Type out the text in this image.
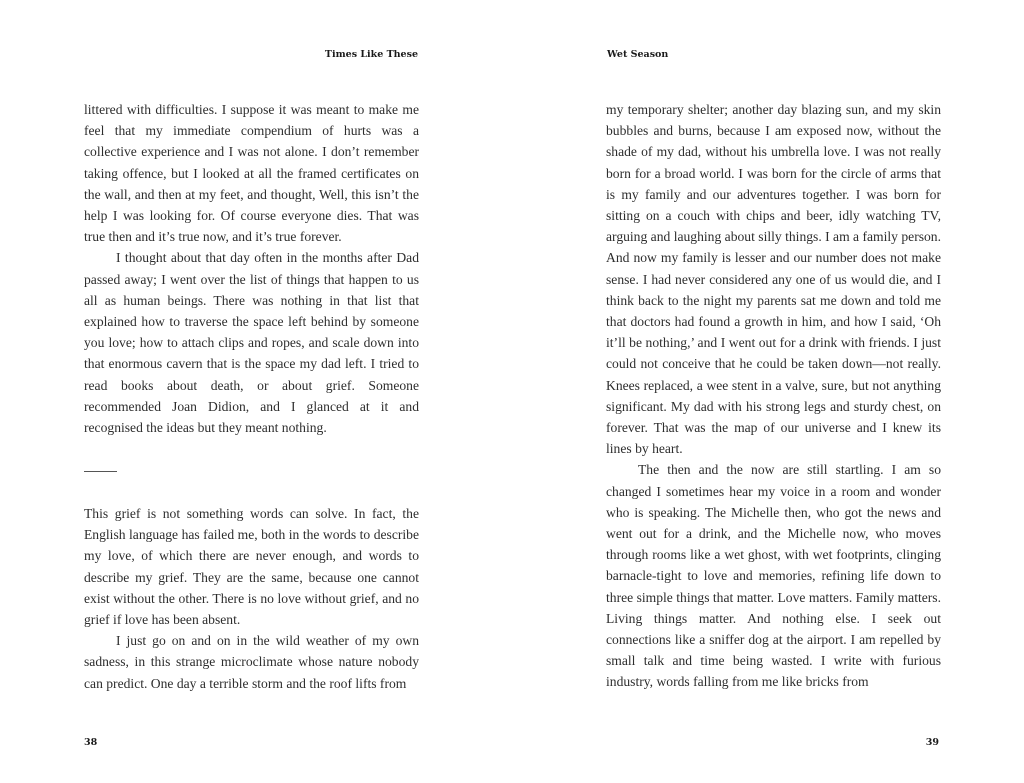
Times Like These

littered with difficulties. I suppose it was meant to make me feel that my immediate compendium of hurts was a collective experience and I was not alone. I don’t remember taking offence, but I looked at all the framed certificates on the wall, and then at my feet, and thought, Well, this isn’t the help I was looking for. Of course everyone dies. That was true then and it’s true now, and it’s true forever.

I thought about that day often in the months after Dad passed away; I went over the list of things that happen to us all as human beings. There was nothing in that list that explained how to traverse the space left behind by someone you love; how to attach clips and ropes, and scale down into that enormous cavern that is the space my dad left. I tried to read books about death, or about grief. Someone recommended Joan Didion, and I glanced at it and recognised the ideas but they meant nothing.

This grief is not something words can solve. In fact, the English language has failed me, both in the words to describe my love, of which there are never enough, and words to describe my grief. They are the same, because one cannot exist without the other. There is no love without grief, and no grief if love has been absent.

I just go on and on in the wild weather of my own sadness, in this strange microclimate whose nature nobody can predict. One day a terrible storm and the roof lifts from

38
Wet Season

my temporary shelter; another day blazing sun, and my skin bubbles and burns, because I am exposed now, without the shade of my dad, without his umbrella love. I was not really born for a broad world. I was born for the circle of arms that is my family and our adventures together. I was born for sitting on a couch with chips and beer, idly watching TV, arguing and laughing about silly things. I am a family person. And now my family is lesser and our number does not make sense. I had never considered any one of us would die, and I think back to the night my parents sat me down and told me that doctors had found a growth in him, and how I said, ‘Oh it’ll be nothing,’ and I went out for a drink with friends. I just could not conceive that he could be taken down—not really. Knees replaced, a wee stent in a valve, sure, but not anything significant. My dad with his strong legs and sturdy chest, on forever. That was the map of our universe and I knew its lines by heart.

The then and the now are still startling. I am so changed I sometimes hear my voice in a room and wonder who is speaking. The Michelle then, who got the news and went out for a drink, and the Michelle now, who moves through rooms like a wet ghost, with wet footprints, clinging barnacle-tight to love and memories, refining life down to three simple things that matter. Love matters. Family matters. Living things matter. And nothing else. I seek out connections like a sniffer dog at the airport. I am repelled by small talk and time being wasted. I write with furious industry, words falling from me like bricks from

39
